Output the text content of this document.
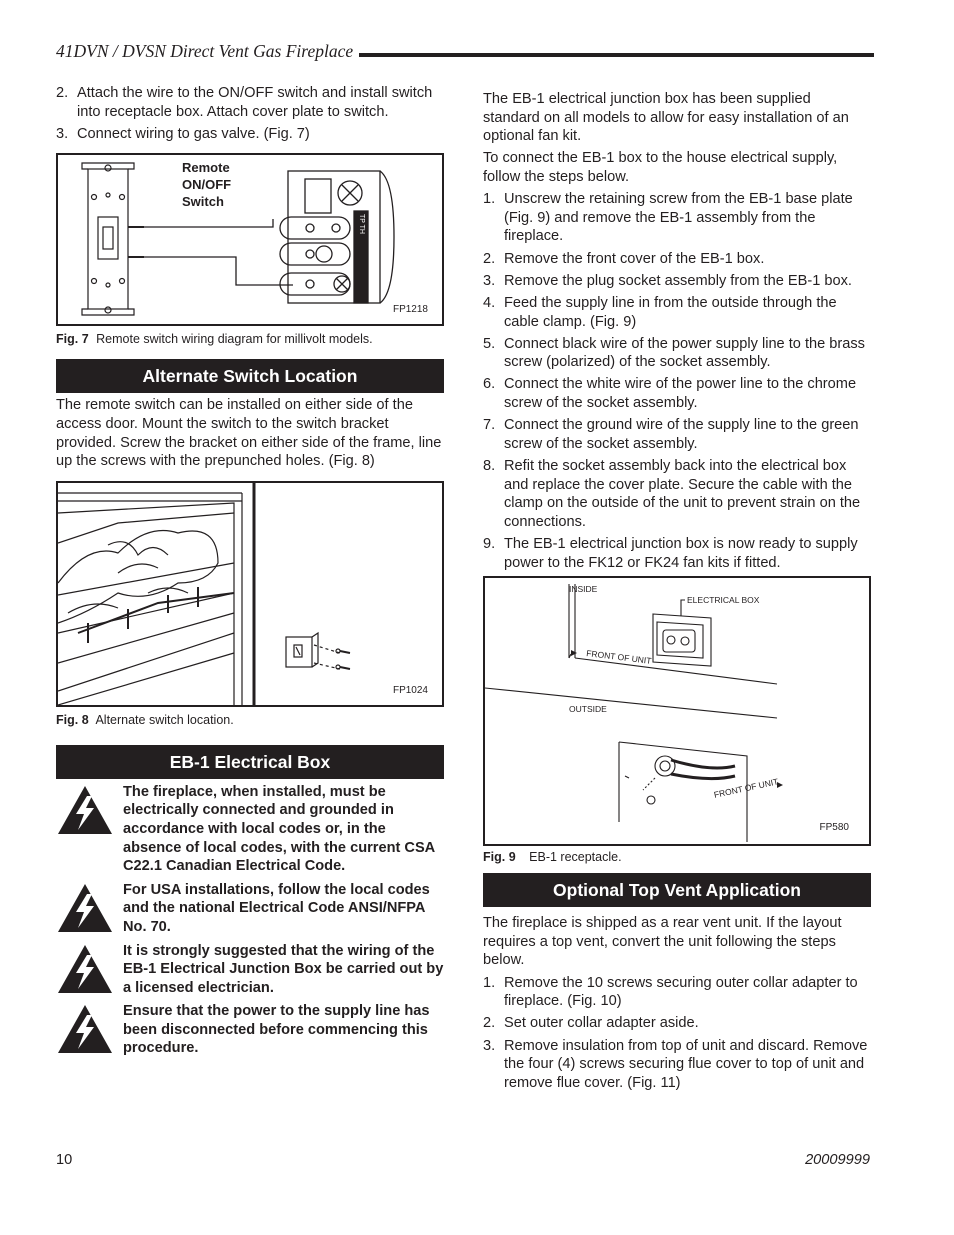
41DVN / DVSN Direct Vent Gas Fireplace
2. Attach the wire to the ON/OFF switch and install switch into receptacle box. Attach cover plate to switch.
3. Connect wiring to gas valve. (Fig. 7)
TP TH
Remote
ON/OFF
Switch
FP1218
Fig. 7 Remote switch wiring diagram for millivolt models.
Alternate Switch Location

The remote switch can be installed on either side of the access door. Mount the switch to the switch bracket provided. Screw the bracket on either side of the frame, line up the screws with the prepunched holes. (Fig. 8)

FP1024
Fig. 8 Alternate switch location.
EB-1 Electrical Box
The fireplace, when installed, must be electrically connected and grounded in accordance with local codes or, in the absence of local codes, with the current CSA C22.1 Canadian Electrical Code.
For USA installations, follow the local codes and the national Electrical Code ANSI/NFPA No. 70.
It is strongly suggested that the wiring of the EB-1 Electrical Junction Box be carried out by a licensed electrician.
Ensure that the power to the supply line has been disconnected before commencing this procedure.

The EB-1 electrical junction box has been supplied standard on all models to allow for easy installation of an optional fan kit.

To connect the EB-1 box to the house electrical supply, follow the steps below.

1. Unscrew the retaining screw from the EB-1 base plate (Fig. 9) and remove the EB-1 assembly from the fireplace.
2. Remove the front cover of the EB-1 box.
3. Remove the plug socket assembly from the EB-1 box.
4. Feed the supply line in from the outside through the cable clamp. (Fig. 9)
5. Connect black wire of the power supply line to the brass screw (polarized) of the socket assembly.
6. Connect the white wire of the power line to the chrome screw of the socket assembly.
7. Connect the ground wire of the supply line to the green screw of the socket assembly.
8. Refit the socket assembly back into the electrical box and replace the cover plate. Secure the cable with the clamp on the outside of the unit to prevent strain on the connections.
9. The EB-1 electrical junction box is now ready to supply power to the FK12 or FK24 fan kits if fitted.
INSIDE
ELECTRICAL BOX
FRONT OF UNIT
OUTSIDE
FRONT OF UNIT
FP580
Fig. 9 EB-1 receptacle.
Optional Top Vent Application

The fireplace is shipped as a rear vent unit. If the layout requires a top vent, convert the unit following the steps below.

1. Remove the 10 screws securing outer collar adapter to fireplace. (Fig. 10)
2. Set outer collar adapter aside.
3. Remove insulation from top of unit and discard. Remove the four (4) screws securing flue cover to top of unit and remove flue cover. (Fig. 11)
10	20009999
